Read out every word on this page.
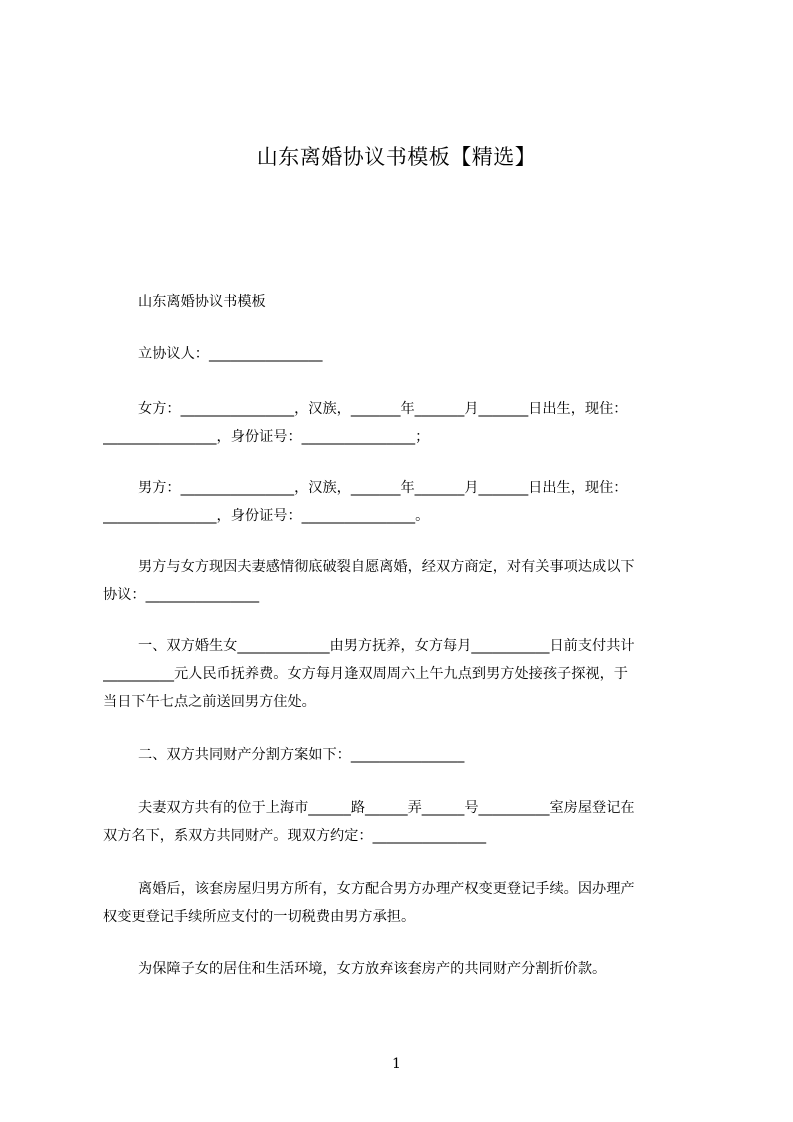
山东离婚协议书模板【精选】
山东离婚协议书模板
立协议人：________________
女方：________________，汉族，_______年_______月_______日出生，现住：
________________，身份证号：________________；
男方：________________，汉族，_______年_______月_______日出生，现住：
________________，身份证号：________________。
男方与女方现因夫妻感情彻底破裂自愿离婚，经双方商定，对有关事项达成以下
协议：________________
一、双方婚生女_____________由男方抚养，女方每月___________日前支付共计
__________元人民币抚养费。女方每月逢双周周六上午九点到男方处接孩子探视，于
当日下午七点之前送回男方住处。
二、双方共同财产分割方案如下：________________
夫妻双方共有的位于上海市______路______弄______号__________室房屋登记在
双方名下，系双方共同财产。现双方约定：________________
离婚后，该套房屋归男方所有，女方配合男方办理产权变更登记手续。因办理产
权变更登记手续所应支付的一切税费由男方承担。
为保障子女的居住和生活环境，女方放弃该套房产的共同财产分割折价款。
1
